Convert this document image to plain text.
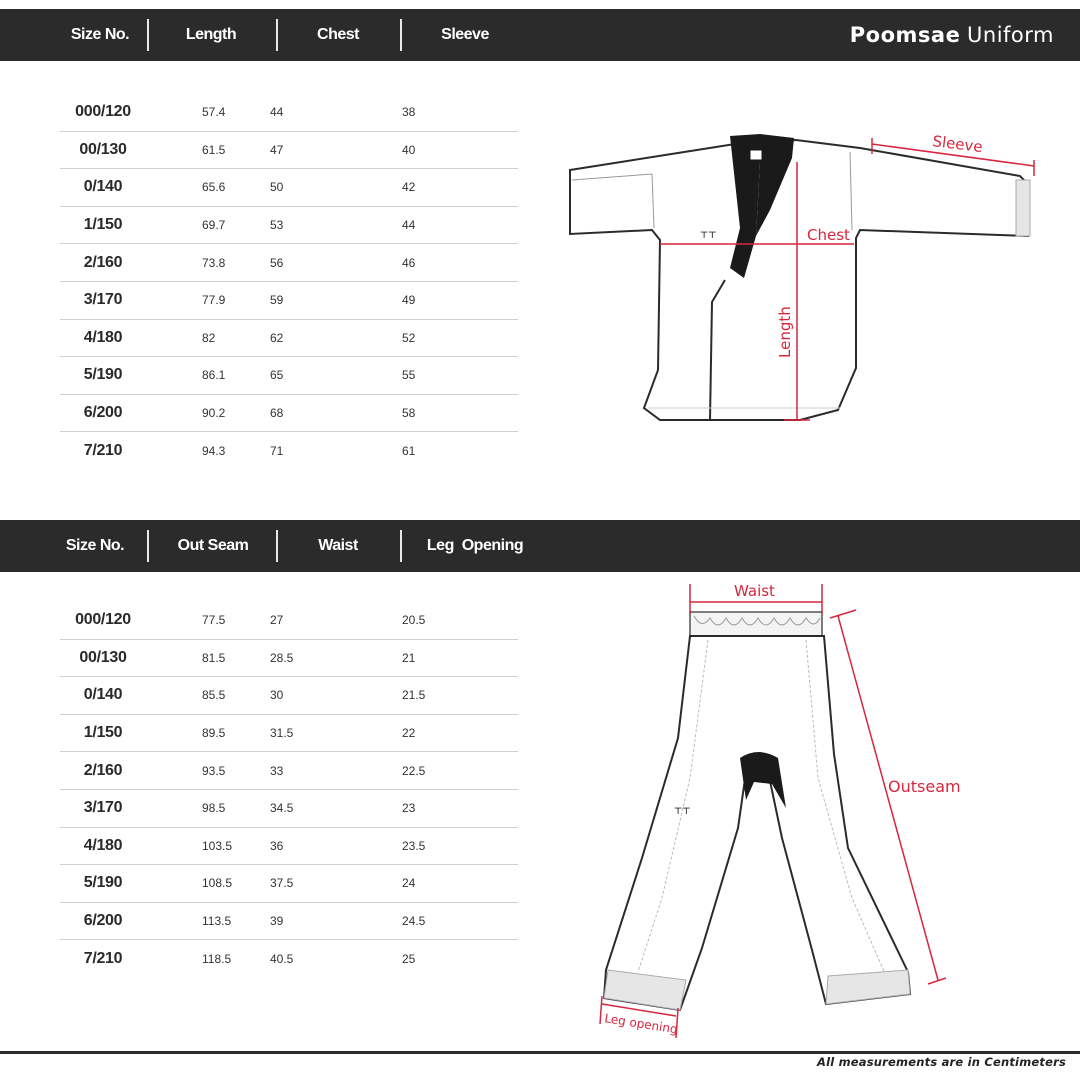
Size No.	Length	Chest	Sleeve	Poomsae Uniform
000/120	57.4	44	38
00/130	61.5	47	40
0/140	65.6	50	42
1/150	69.7	53	44
2/160	73.8	56	46
3/170	77.9	59	49
4/180	82	62	52
5/190	86.1	65	55
6/200	90.2	68	58
7/210	94.3	71	61
⊤⊤
Sleeve
Chest
Length
Size No.	Out Seam	Waist	Leg  Opening
000/120	77.5	27	20.5
00/130	81.5	28.5	21
0/140	85.5	30	21.5
1/150	89.5	31.5	22
2/160	93.5	33	22.5
3/170	98.5	34.5	23
4/180	103.5	36	23.5
5/190	108.5	37.5	24
6/200	113.5	39	24.5
7/210	118.5	40.5	25
⊤⊤
Waist
Outseam
Leg opening
All measurements are in Centimeters
